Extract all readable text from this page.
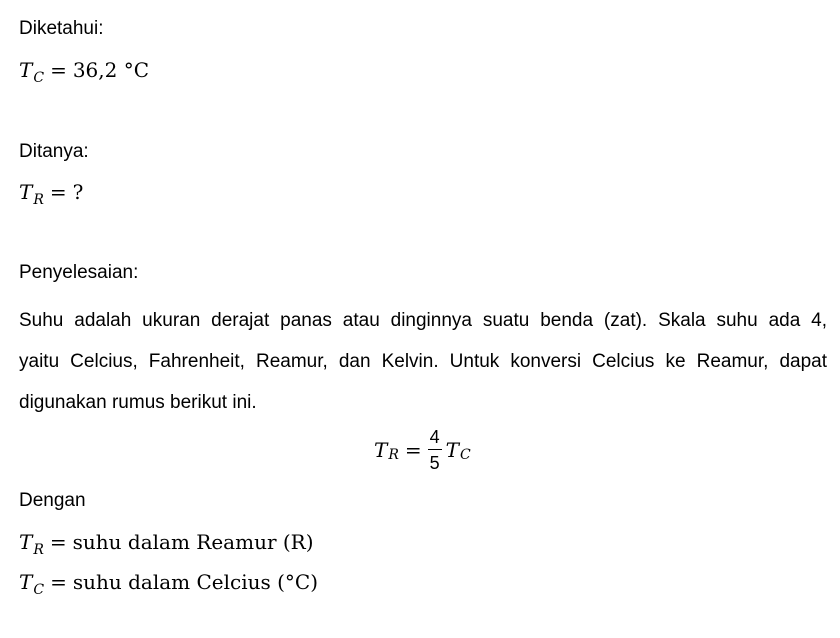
Diketahui:
$T_C = 36,2$ °C
Ditanya:
$T_R$ = ?
Penyelesaian:
Suhu adalah ukuran derajat panas atau dinginnya suatu benda (zat). Skala suhu ada 4,
yaitu Celcius, Fahrenheit, Reamur, dan Kelvin. Untuk konversi Celcius ke Reamur, dapat
digunakan rumus berikut ini.
T $R = \frac{4}{5}$ T C
Dengan
$T_R$ = suhu dalam Reamur (R)
$T_C$ = suhu dalam Celcius (°C)
